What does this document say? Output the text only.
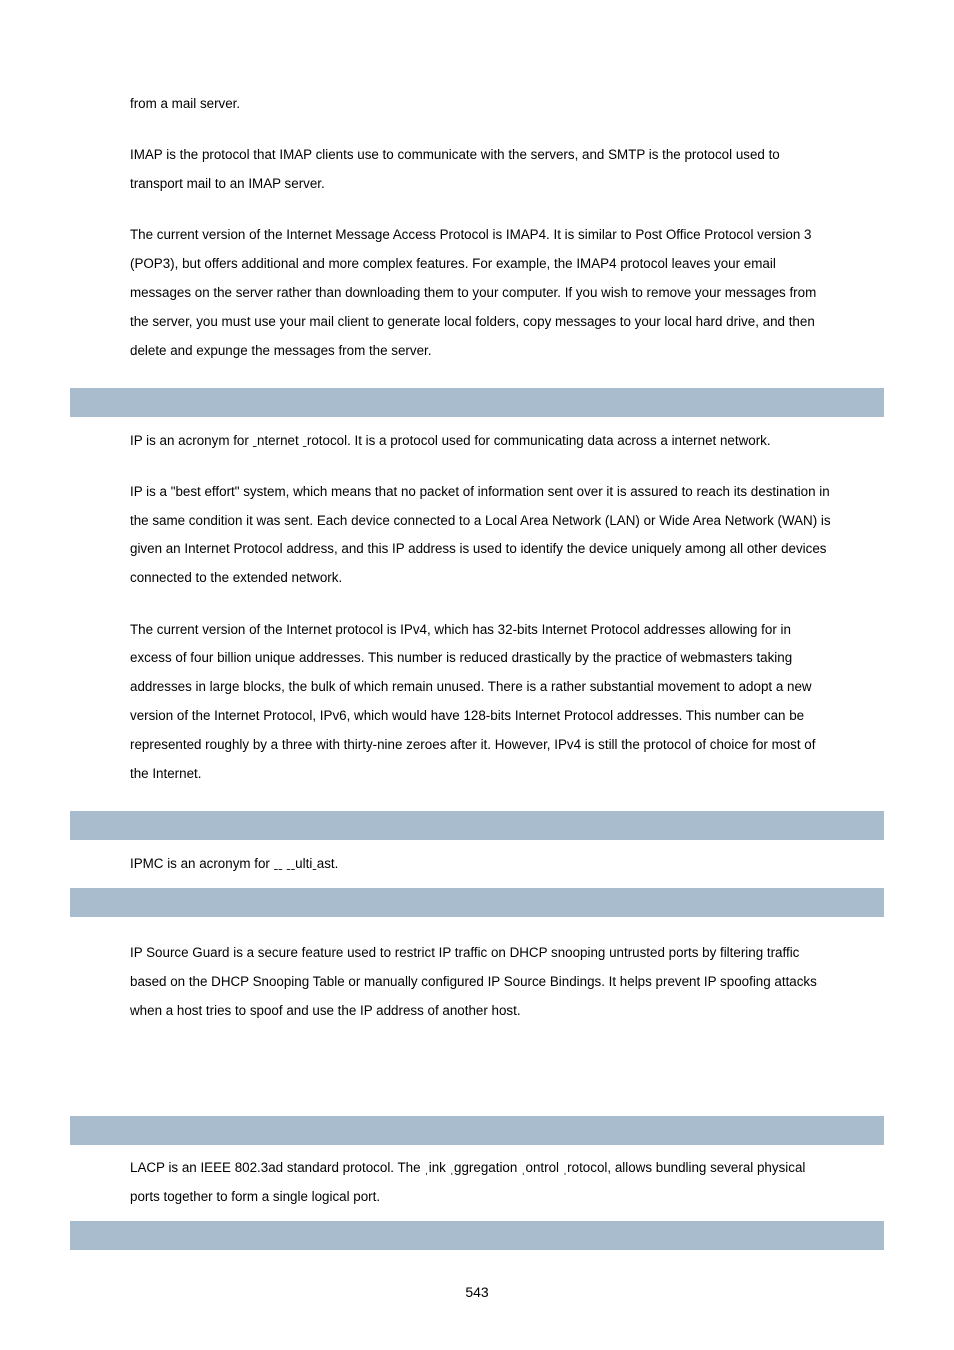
from a mail server.
IMAP is the protocol that IMAP clients use to communicate with the servers, and SMTP is the protocol used to
transport mail to an IMAP server.
The current version of the Internet Message Access Protocol is IMAP4. It is similar to Post Office Protocol version 3
(POP3), but offers additional and more complex features. For example, the IMAP4 protocol leaves your email
messages on the server rather than downloading them to your computer. If you wish to remove your messages from
the server, you must use your mail client to generate local folders, copy messages to your local hard drive, and then
delete and expunge the messages from the server.
IP is an acronym for ˍnternet ˍrotocol. It is a protocol used for communicating data across a internet network.
IP is a "best effort" system, which means that no packet of information sent over it is assured to reach its destination in
the same condition it was sent. Each device connected to a Local Area Network (LAN) or Wide Area Network (WAN) is
given an Internet Protocol address, and this IP address is used to identify the device uniquely among all other devices
connected to the extended network.
The current version of the Internet protocol is IPv4, which has 32-bits Internet Protocol addresses allowing for in
excess of four billion unique addresses. This number is reduced drastically by the practice of webmasters taking
addresses in large blocks, the bulk of which remain unused. There is a rather substantial movement to adopt a new
version of the Internet Protocol, IPv6, which would have 128-bits Internet Protocol addresses. This number can be
represented roughly by a three with thirty-nine zeroes after it. However, IPv4 is still the protocol of choice for most of
the Internet.
IPMC is an acronym for ˍˍ ˍˍultiˍast.
IP Source Guard is a secure feature used to restrict IP traffic on DHCP snooping untrusted ports by filtering traffic
based on the DHCP Snooping Table or manually configured IP Source Bindings. It helps prevent IP spoofing attacks
when a host tries to spoof and use the IP address of another host.
LACP is an IEEE 802.3ad standard protocol. The ˌink ˌggregation ˌontrol ˌrotocol, allows bundling several physical
ports together to form a single logical port.
543
